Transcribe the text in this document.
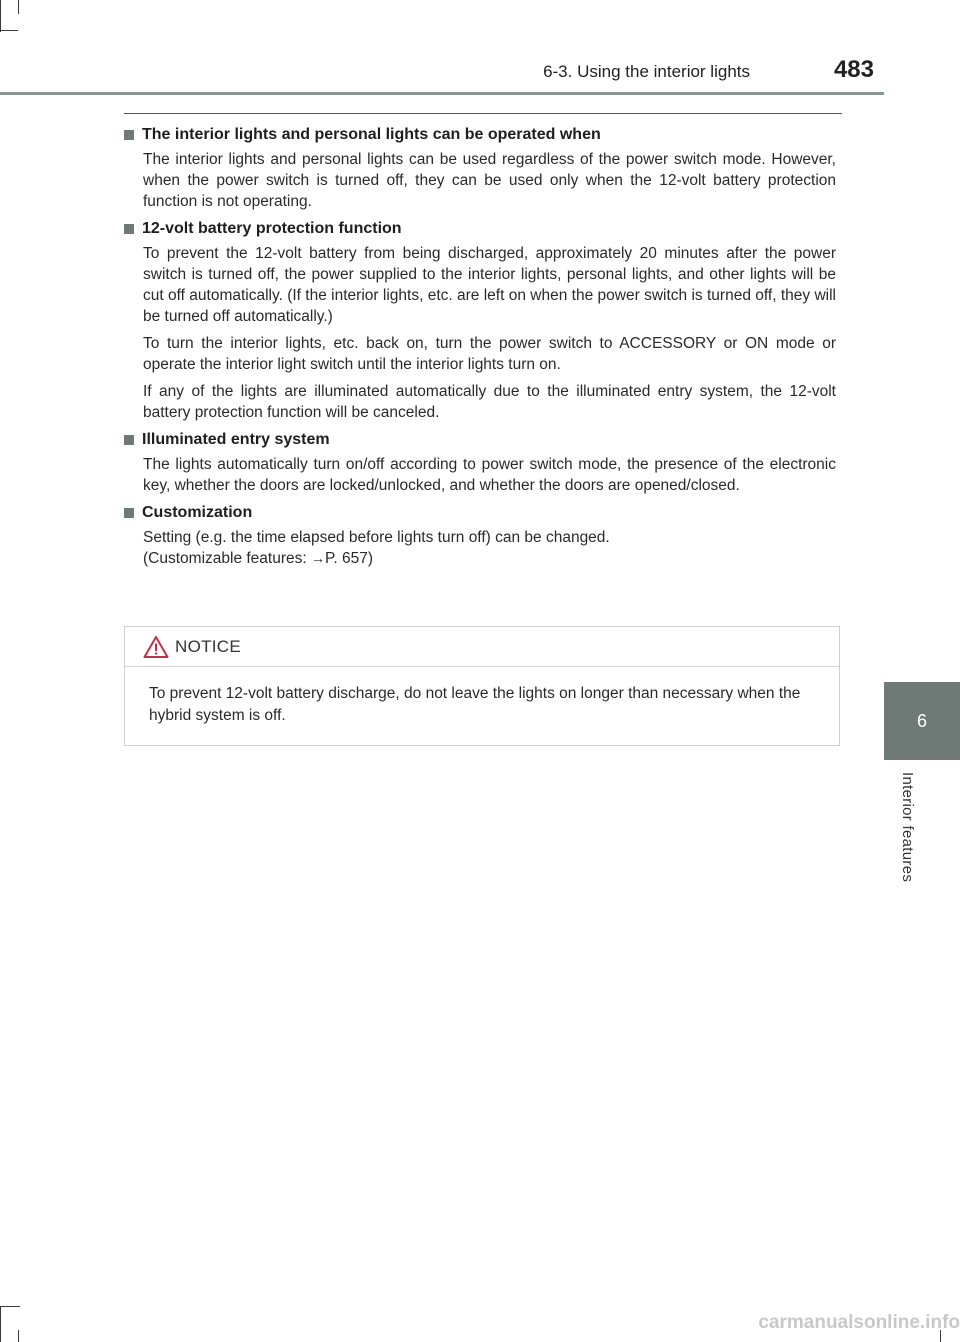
6-3. Using the interior lights	483
6
Interior features
The interior lights and personal lights can be operated when

The interior lights and personal lights can be used regardless of the power switch mode. However, when the power switch is turned off, they can be used only when the 12-volt battery protection function is not operating.

12-volt battery protection function

To prevent the 12-volt battery from being discharged, approximately 20 minutes after the power switch is turned off, the power supplied to the interior lights, personal lights, and other lights will be cut off automatically. (If the interior lights, etc. are left on when the power switch is turned off, they will be turned off automatically.)

To turn the interior lights, etc. back on, turn the power switch to ACCESSORY or ON mode or operate the interior light switch until the interior lights turn on.

If any of the lights are illuminated automatically due to the illuminated entry system, the 12-volt battery protection function will be canceled.

Illuminated entry system

The lights automatically turn on/off according to power switch mode, the presence of the electronic key, whether the doors are locked/unlocked, and whether the doors are opened/closed.

Customization

Setting (e.g. the time elapsed before lights turn off) can be changed.
(Customizable features: →P. 657)

NOTICE
To prevent 12-volt battery discharge, do not leave the lights on longer than necessary when the hybrid system is off.
carmanualsonline.info
